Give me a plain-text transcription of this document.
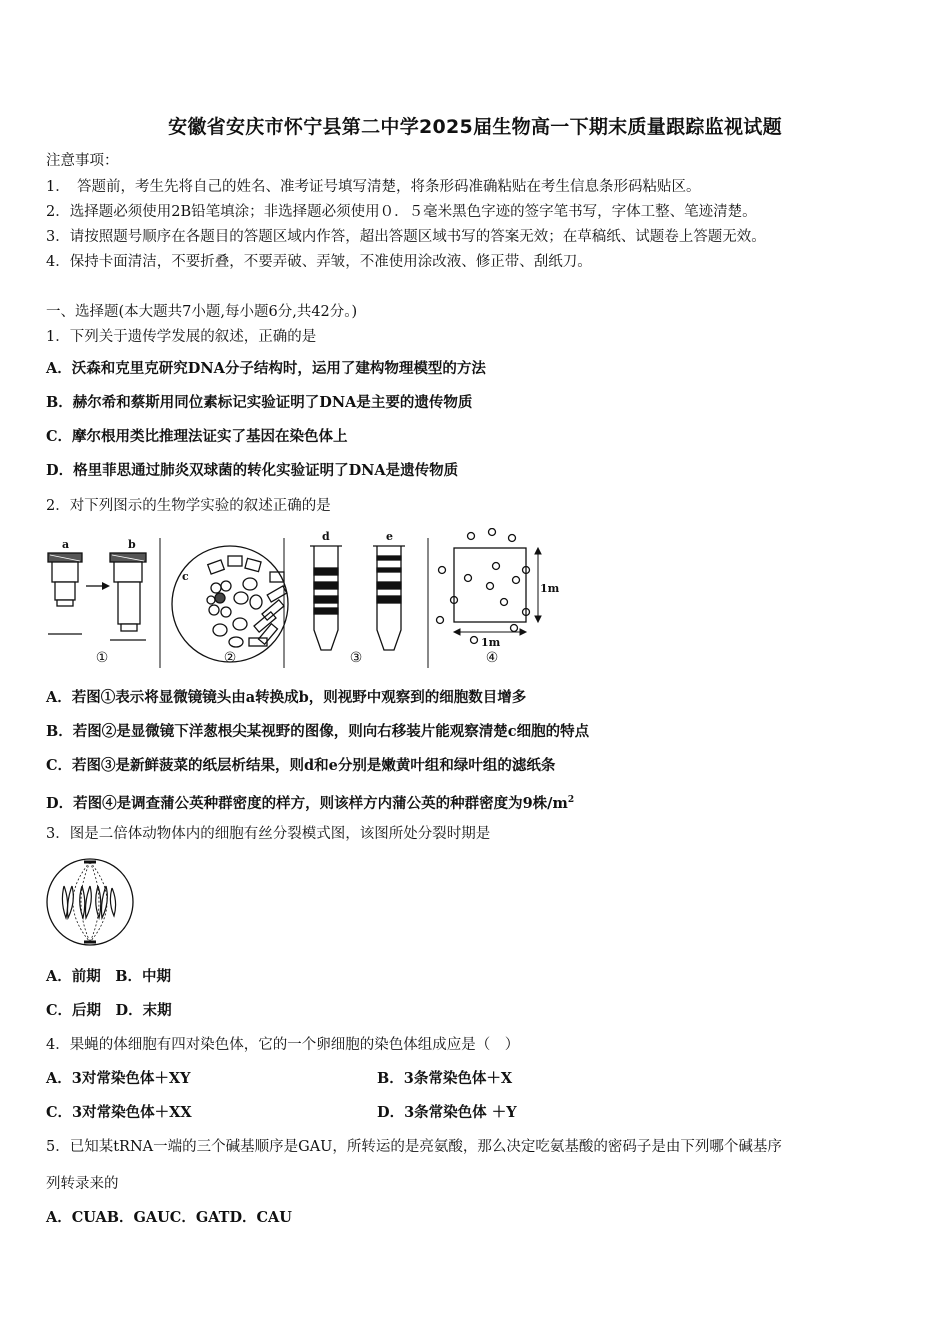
安徽省安庆市怀宁县第二中学2025届生物高一下期末质量跟踪监视试题
注意事项：
1．　答题前，考生先将自己的姓名、准考证号填写清楚，将条形码准确粘贴在考生信息条形码粘贴区。
2．选择题必须使用2B铅笔填涂；非选择题必须使用０．５毫米黑色字迹的签字笔书写，字体工整、笔迹清楚。
3．请按照题号顺序在各题目的答题区域内作答，超出答题区域书写的答案无效；在草稿纸、试题卷上答题无效。
4．保持卡面清洁，不要折叠，不要弄破、弄皱，不准使用涂改液、修正带、刮纸刀。
一、选择题(本大题共7小题,每小题6分,共42分。)
1．下列关于遗传学发展的叙述，正确的是
A．沃森和克里克研究DNA分子结构时，运用了建构物理模型的方法
B．赫尔希和蔡斯用同位素标记实验证明了DNA是主要的遗传物质
C．摩尔根用类比推理法证实了基因在染色体上
D．格里菲思通过肺炎双球菌的转化实验证明了DNA是遗传物质
2．对下列图示的生物学实验的叙述正确的是
a	b
c
d	e
1m
1m
①	②	③	④
A．若图①表示将显微镜镜头由a转换成b，则视野中观察到的细胞数目增多
B．若图②是显微镜下洋葱根尖某视野的图像，则向右移装片能观察清楚c细胞的特点
C．若图③是新鲜菠菜的纸层析结果，则d和e分别是嫩黄叶组和绿叶组的滤纸条
D．若图④是调查蒲公英种群密度的样方，则该样方内蒲公英的种群密度为9株$/m^2$
3．图是二倍体动物体内的细胞有丝分裂模式图，该图所处分裂时期是
A．前期　B．中期
C．后期　D．末期
4．果蝇的体细胞有四对染色体，它的一个卵细胞的染色体组成应是（　）
A．3对常染色体＋XY	B．3条常染色体＋X
C．3对常染色体＋XX	D．3条常染色体 ＋Y
5．已知某tRNA一端的三个碱基顺序是GAU，所转运的是亮氨酸，那么决定吃氨基酸的密码子是由下列哪个碱基序
列转录来的
A．CUAB．GAUC．GATD．CAU
